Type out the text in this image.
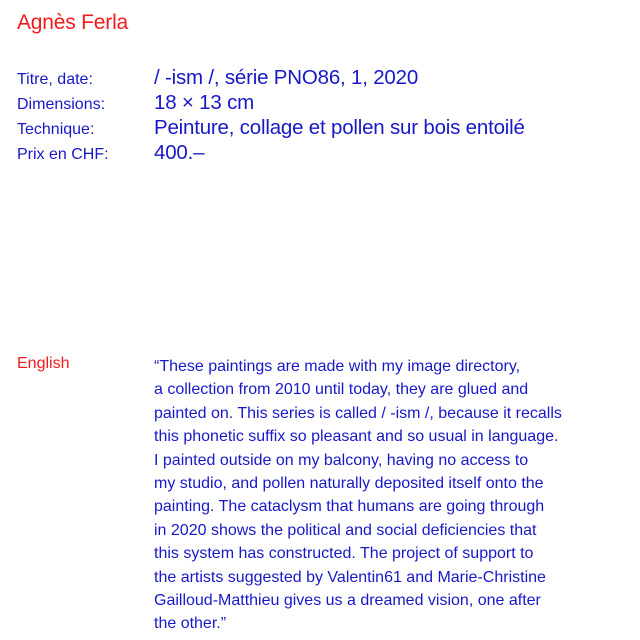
Agnès Ferla
Titre, date:	/ -ism /, série PNO86, 1, 2020
Dimensions:	18 × 13 cm
Technique:	Peinture, collage et pollen sur bois entoilé
Prix en CHF:	400.–
English	“These paintings are made with my image directory,
a collection from 2010 until today, they are glued and
painted on. This series is called / -ism /, because it recalls
this phonetic suffix so pleasant and so usual in language.
I painted outside on my balcony, having no access to
my studio, and pollen naturally deposited itself onto the
painting. The cataclysm that humans are going through
in 2020 shows the political and social deficiencies that
this system has constructed. The project of support to
the artists suggested by Valentin61 and Marie-Christine
Gailloud-Matthieu gives us a dreamed vision, one after
the other.”
